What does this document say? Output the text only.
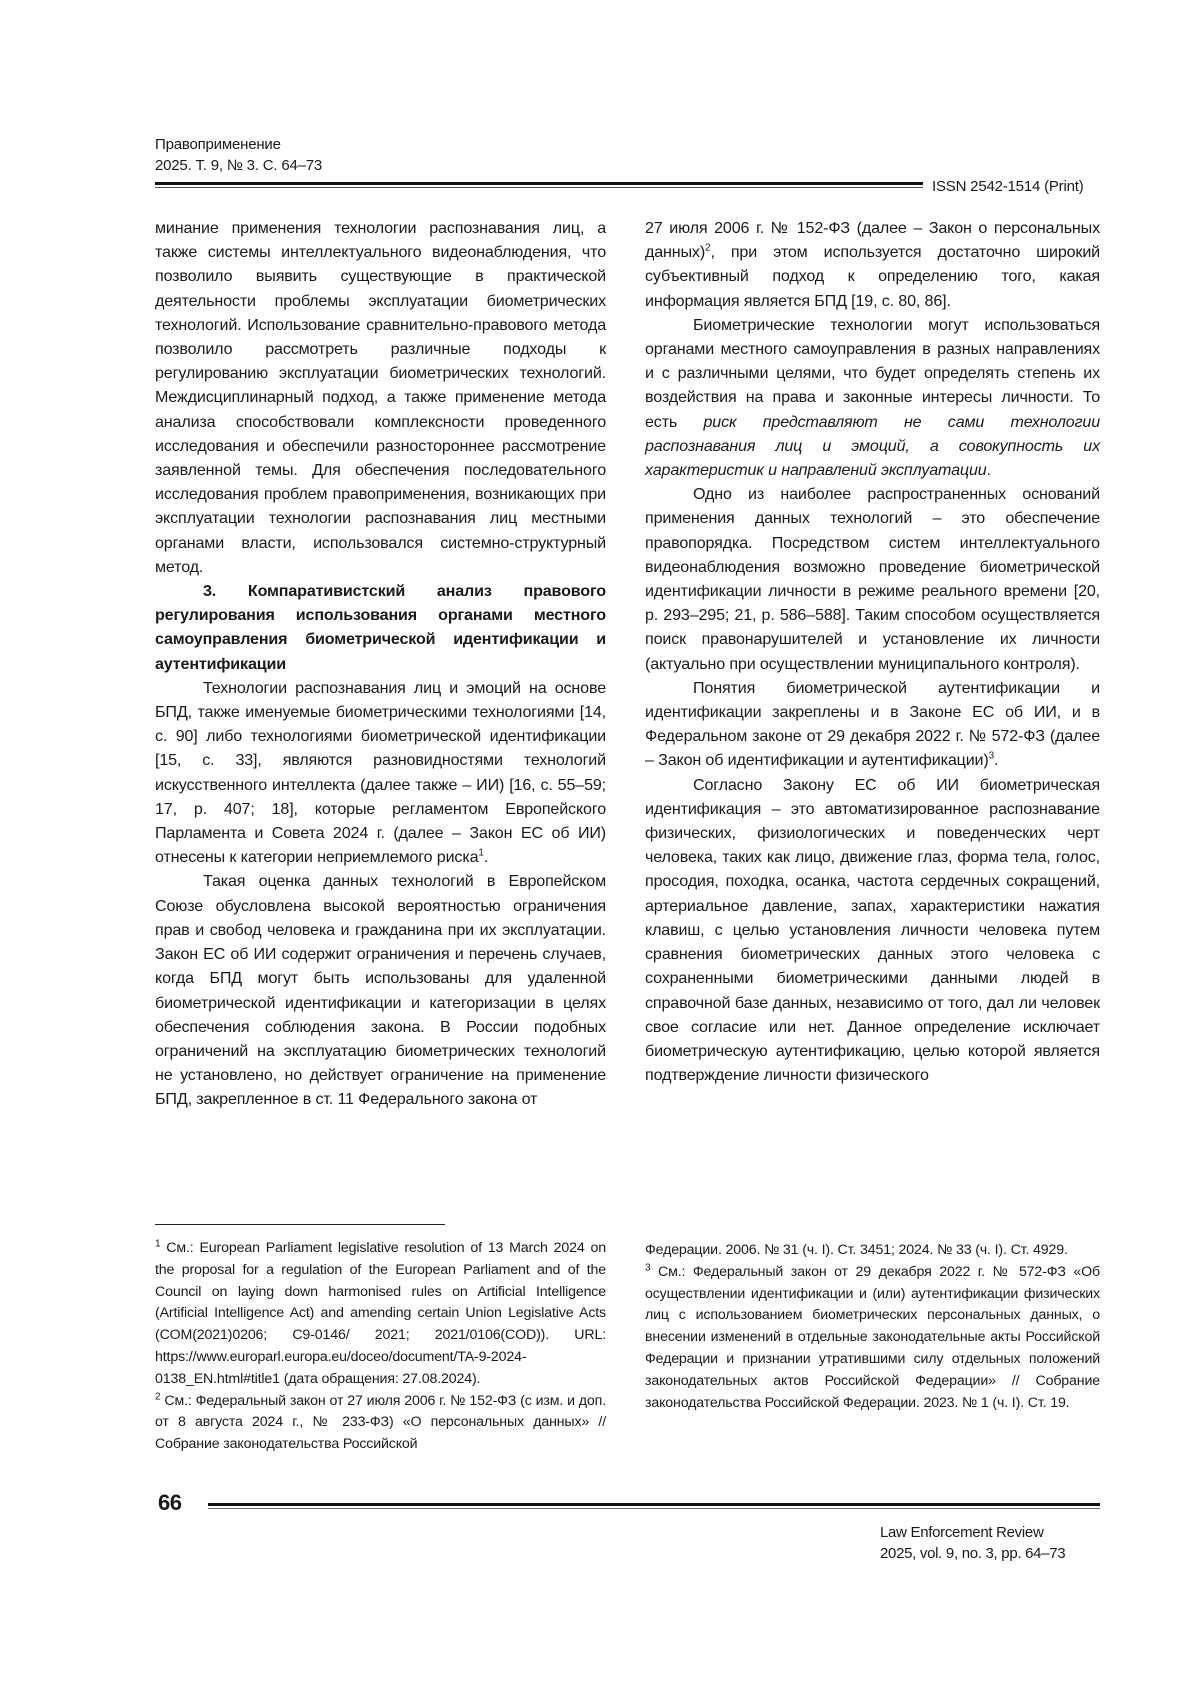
Правоприменение
2025. Т. 9, № 3. С. 64–73
ISSN 2542-1514 (Print)

минание применения технологии распознавания лиц, а также системы интеллектуального видеонаблюдения, что позволило выявить существующие в практической деятельности проблемы эксплуатации биометрических технологий. Использование сравнительно-правового метода позволило рассмотреть различные подходы к регулированию эксплуатации биометрических технологий. Междисциплинарный подход, а также применение метода анализа способствовали комплексности проведенного исследования и обеспечили разностороннее рассмотрение заявленной темы. Для обеспечения последовательного исследования проблем правоприменения, возникающих при эксплуатации технологии распознавания лиц местными органами власти, использовался системно-структурный метод.

3. Компаративистский анализ правового регулирования использования органами местного самоуправления биометрической идентификации и аутентификации

Технологии распознавания лиц и эмоций на основе БПД, также именуемые биометрическими технологиями [14, с. 90] либо технологиями биометрической идентификации [15, с. 33], являются разновидностями технологий искусственного интеллекта (далее также – ИИ) [16, с. 55–59; 17, p. 407; 18], которые регламентом Европейского Парламента и Совета 2024 г. (далее – Закон ЕС об ИИ) отнесены к категории неприемлемого риска$^1$.

Такая оценка данных технологий в Европейском Союзе обусловлена высокой вероятностью ограничения прав и свобод человека и гражданина при их эксплуатации. Закон ЕС об ИИ содержит ограничения и перечень случаев, когда БПД могут быть использованы для удаленной биометрической идентификации и категоризации в целях обеспечения соблюдения закона. В России подобных ограничений на эксплуатацию биометрических технологий не установлено, но действует ограничение на применение БПД, закрепленное в ст. 11 Федерального закона от

27 июля 2006 г. № 152-ФЗ (далее – Закон о персональных данных)$^2$, при этом используется достаточно широкий субъективный подход к определению того, какая информация является БПД [19, с. 80, 86].

Биометрические технологии могут использоваться органами местного самоуправления в разных направлениях и с различными целями, что будет определять степень их воздействия на права и законные интересы личности. То есть риск представляют не сами технологии распознавания лиц и эмоций, а совокупность их характеристик и направлений эксплуатации.

Одно из наиболее распространенных оснований применения данных технологий – это обеспечение правопорядка. Посредством систем интеллектуального видеонаблюдения возможно проведение биометрической идентификации личности в режиме реального времени [20, p. 293–295; 21, p. 586–588]. Таким способом осуществляется поиск правонарушителей и установление их личности (актуально при осуществлении муниципального контроля).

Понятия биометрической аутентификации и идентификации закреплены и в Законе ЕС об ИИ, и в Федеральном законе от 29 декабря 2022 г. № 572-ФЗ (далее – Закон об идентификации и аутентификации)$^3$.

Согласно Закону ЕС об ИИ биометрическая идентификация – это автоматизированное распознавание физических, физиологических и поведенческих черт человека, таких как лицо, движение глаз, форма тела, голос, просодия, походка, осанка, частота сердечных сокращений, артериальное давление, запах, характеристики нажатия клавиш, с целью установления личности человека путем сравнения биометрических данных этого человека с сохраненными биометрическими данными людей в справочной базе данных, независимо от того, дал ли человек свое согласие или нет. Данное определение исключает биометрическую аутентификацию, целью которой является подтверждение личности физического

$^1$ См.: European Parliament legislative resolution of 13 March 2024 on the proposal for a regulation of the European Parliament and of the Council on laying down harmonised rules on Artificial Intelligence (Artificial Intelligence Act) and amending certain Union Legislative Acts (COM(2021)0206; C9-0146/ 2021; 2021/0106(COD)). URL: https://www.europarl.europa.eu/doceo/document/TA-9-2024-0138_EN.html#title1 (дата обращения: 27.08.2024).

$^2$ См.: Федеральный закон от 27 июля 2006 г. № 152-ФЗ (с изм. и доп. от 8 августа 2024 г., № 233-ФЗ) «О персональных данных» // Собрание законодательства Российской

Федерации. 2006. № 31 (ч. I). Ст. 3451; 2024. № 33 (ч. I). Ст. 4929.

$^3$ См.: Федеральный закон от 29 декабря 2022 г. № 572-ФЗ «Об осуществлении идентификации и (или) аутентификации физических лиц с использованием биометрических персональных данных, о внесении изменений в отдельные законодательные акты Российской Федерации и признании утратившими силу отдельных положений законодательных актов Российской Федерации» // Собрание законодательства Российской Федерации. 2023. № 1 (ч. I). Ст. 19.

66
Law Enforcement Review
2025, vol. 9, no. 3, pp. 64–73
